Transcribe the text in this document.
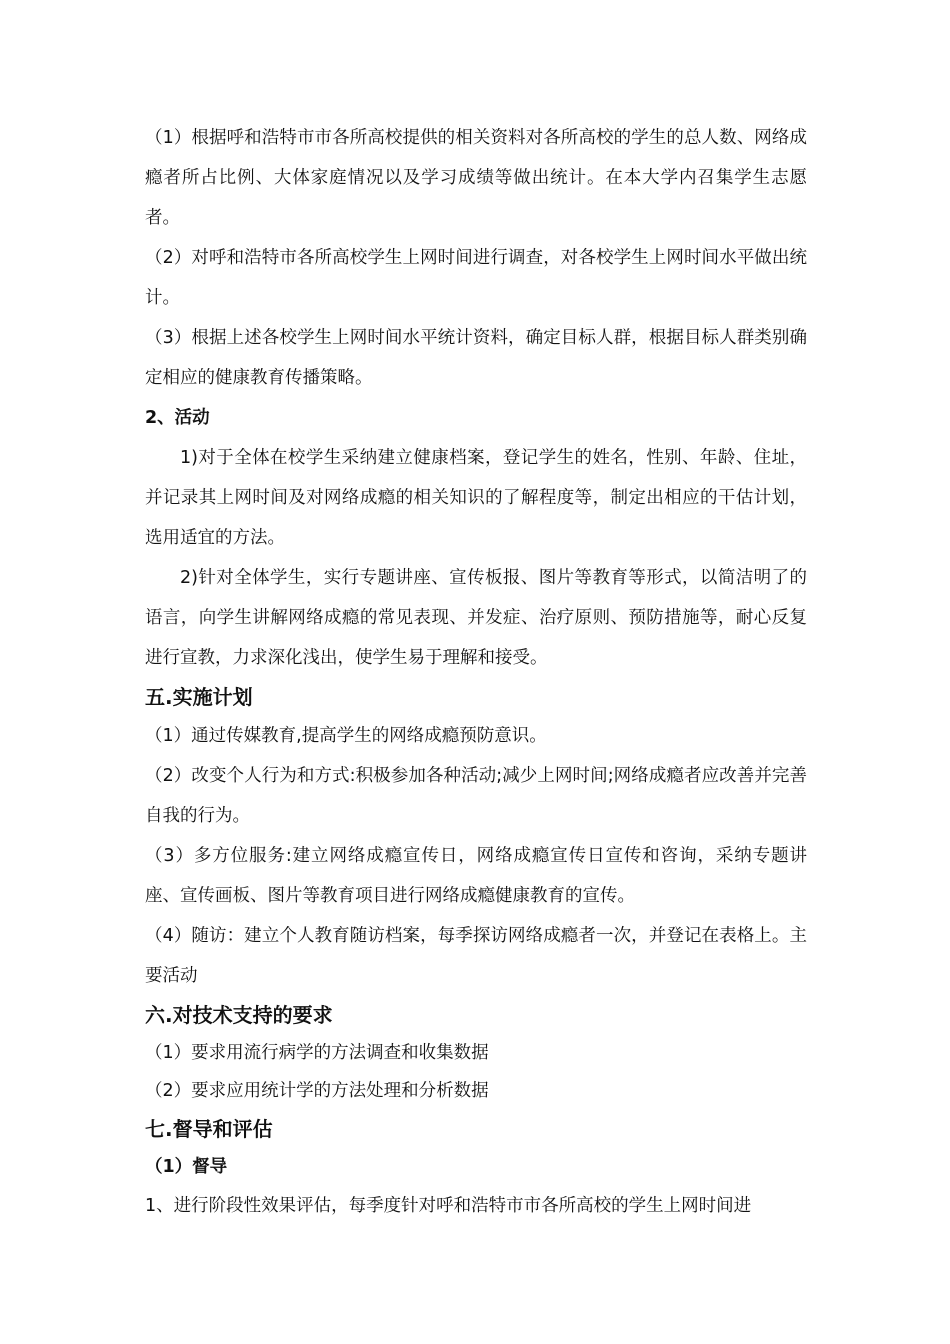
（1）根据呼和浩特市市各所高校提供的相关资料对各所高校的学生的总人数、网络成瘾者所占比例、大体家庭情况以及学习成绩等做出统计。在本大学内召集学生志愿者。

（2）对呼和浩特市各所高校学生上网时间进行调查，对各校学生上网时间水平做出统计。

（3）根据上述各校学生上网时间水平统计资料，确定目标人群，根据目标人群类别确定相应的健康教育传播策略。

2、活动

1)对于全体在校学生采纳建立健康档案，登记学生的姓名，性别、年龄、住址，并记录其上网时间及对网络成瘾的相关知识的了解程度等，制定出相应的干估计划，选用适宜的方法。

2)针对全体学生，实行专题讲座、宣传板报、图片等教育等形式，以简洁明了的语言，向学生讲解网络成瘾的常见表现、并发症、治疗原则、预防措施等，耐心反复进行宣教，力求深化浅出，使学生易于理解和接受。

五.实施计划

（1）通过传媒教育,提高学生的网络成瘾预防意识。

（2）改变个人行为和方式:积极参加各种活动;减少上网时间;网络成瘾者应改善并完善自我的行为。

（3）多方位服务:建立网络成瘾宣传日，网络成瘾宣传日宣传和咨询，采纳专题讲座、宣传画板、图片等教育项目进行网络成瘾健康教育的宣传。

（4）随访：建立个人教育随访档案，每季探访网络成瘾者一次，并登记在表格上。主要活动

六.对技术支持的要求

（1）要求用流行病学的方法调查和收集数据

（2）要求应用统计学的方法处理和分析数据

七.督导和评估

（1）督导

1、进行阶段性效果评估，每季度针对呼和浩特市市各所高校的学生上网时间进
